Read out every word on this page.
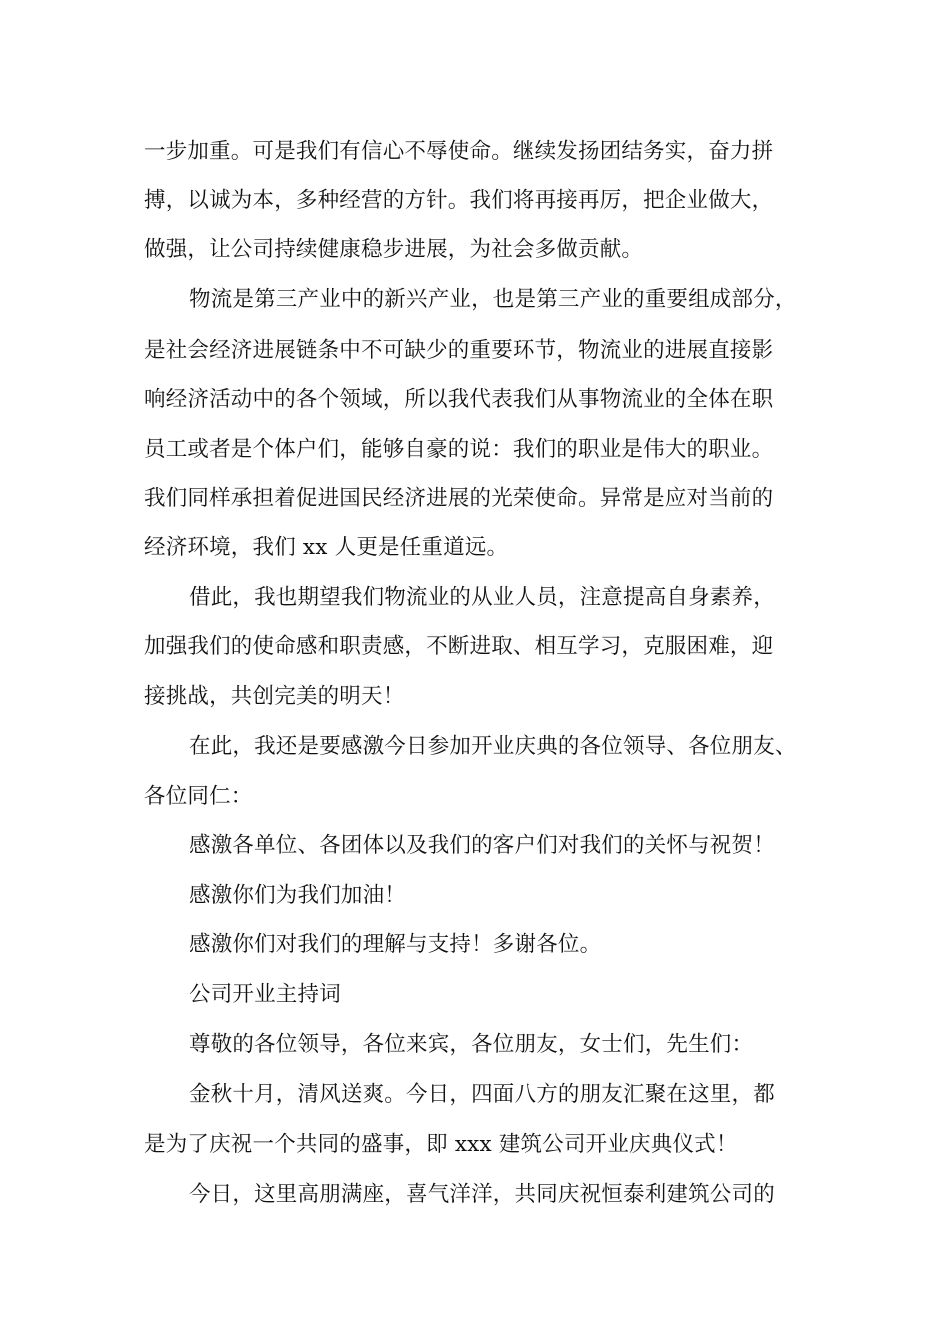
一步加重。可是我们有信心不辱使命。继续发扬团结务实，奋力拼
搏，以诚为本，多种经营的方针。我们将再接再厉，把企业做大，
做强，让公司持续健康稳步进展，为社会多做贡献。
物流是第三产业中的新兴产业，也是第三产业的重要组成部分，
是社会经济进展链条中不可缺少的重要环节，物流业的进展直接影
响经济活动中的各个领域，所以我代表我们从事物流业的全体在职
员工或者是个体户们，能够自豪的说：我们的职业是伟大的职业。
我们同样承担着促进国民经济进展的光荣使命。异常是应对当前的
经济环境，我们 xx 人更是任重道远。
借此，我也期望我们物流业的从业人员，注意提高自身素养，
加强我们的使命感和职责感，不断进取、相互学习，克服困难，迎
接挑战，共创完美的明天！
在此，我还是要感激今日参加开业庆典的各位领导、各位朋友、
各位同仁：
感激各单位、各团体以及我们的客户们对我们的关怀与祝贺！
感激你们为我们加油！
感激你们对我们的理解与支持！多谢各位。
公司开业主持词
尊敬的各位领导，各位来宾，各位朋友，女士们，先生们：
金秋十月，清风送爽。今日，四面八方的朋友汇聚在这里，都
是为了庆祝一个共同的盛事，即 xxx 建筑公司开业庆典仪式！
今日，这里高朋满座，喜气洋洋，共同庆祝恒泰利建筑公司的
